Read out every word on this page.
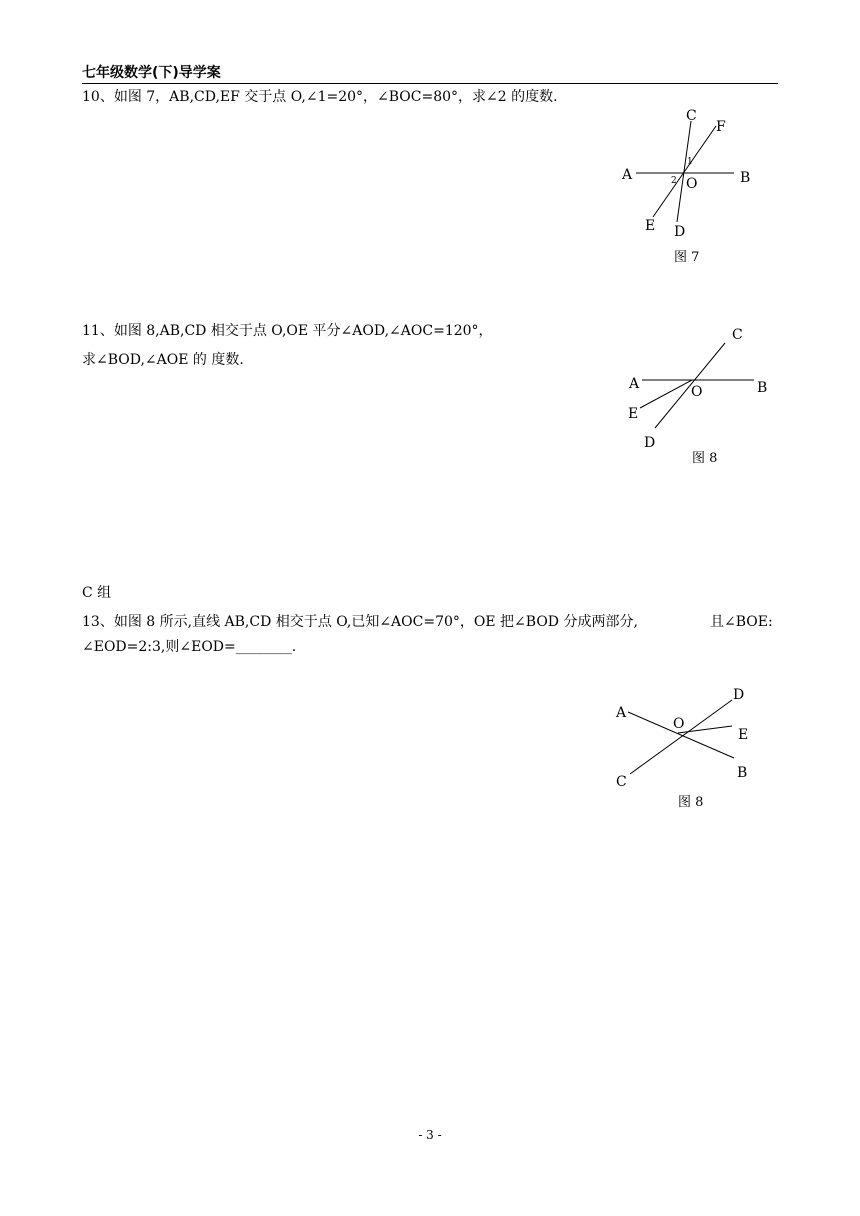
七年级数学(下)导学案
10、如图 7，AB,CD,EF 交于点 O,∠1=20°，∠BOC=80°，求∠2 的度数.
A	B
C
D
E
F
O
1
2
图 7
11、如图 8,AB,CD 相交于点 O,OE 平分∠AOD,∠AOC=120°，
求∠BOD,∠AOE 的 度数.
A	B
C
D
E
O
图 8
C 组
13、如图 8 所示,直线 AB,CD 相交于点 O,已知∠AOC=70°，OE 把∠BOD 分成两部分,	且∠BOE:
∠EOD=2:3,则∠EOD=________.
A
B
C
D
E
O
图 8
- 3 -
